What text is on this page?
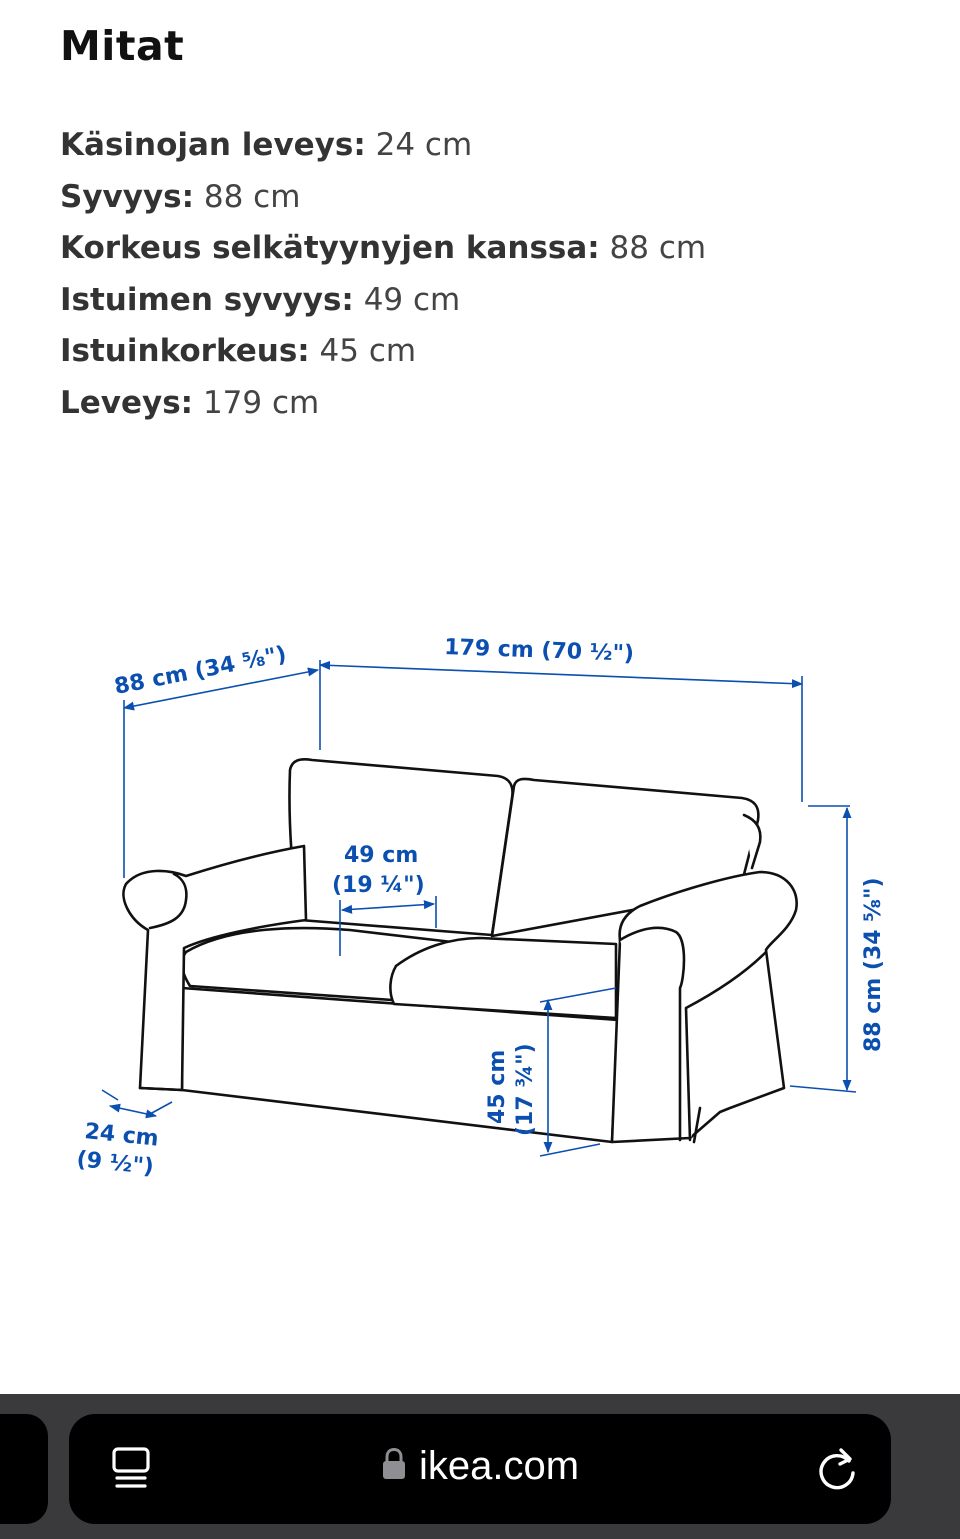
Mitat
Käsinojan leveys: 24 cm
Syvyys: 88 cm
Korkeus selkätyynyjen kanssa: 88 cm
Istuimen syvyys: 49 cm
Istuinkorkeus: 45 cm
Leveys: 179 cm
88 cm (34 ⅝")	179 cm (70 ½")
49 cm
(19 ¼")	88 cm (34 ⅝")
45 cm (17 ¾")
24 cm
(9 ½")
ikea.com
